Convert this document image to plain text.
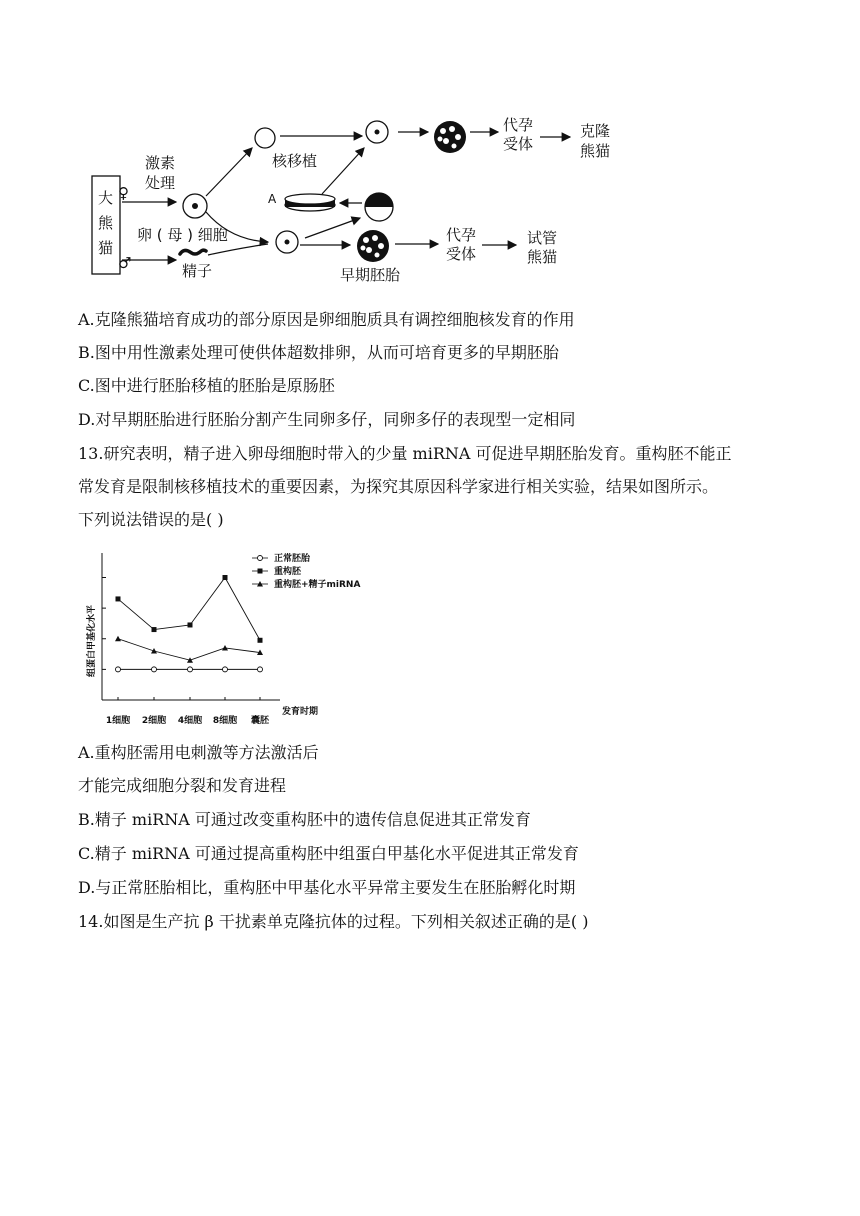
大
熊
猫
♀
♂
激素
处理
卵 ( 母 ) 细胞
精子
核移植
代孕
受体
克隆
熊猫
A
早期胚胎
代孕
受体
试管
熊猫
A.克隆熊猫培育成功的部分原因是卵细胞质具有调控细胞核发育的作用
B.图中用性激素处理可使供体超数排卵，从而可培育更多的早期胚胎
C.图中进行胚胎移植的胚胎是原肠胚
D.对早期胚胎进行胚胎分割产生同卵多仔，同卵多仔的表现型一定相同
13.研究表明，精子进入卵母细胞时带入的少量 miRNA 可促进早期胚胎发育。重构胚不能正
常发育是限制核移植技术的重要因素，为探究其原因科学家进行相关实验，结果如图所示。
下列说法错误的是( )
组蛋白甲基化水平
发育时期
1细胞 2细胞 4细胞 8细胞 囊胚
正常胚胎
重构胚
重构胚+精子miRNA
A.重构胚需用电刺激等方法激活后
才能完成细胞分裂和发育进程
B.精子 miRNA 可通过改变重构胚中的遗传信息促进其正常发育
C.精子 miRNA 可通过提高重构胚中组蛋白甲基化水平促进其正常发育
D.与正常胚胎相比，重构胚中甲基化水平异常主要发生在胚胎孵化时期
14.如图是生产抗 β 干扰素单克隆抗体的过程。下列相关叙述正确的是( )
